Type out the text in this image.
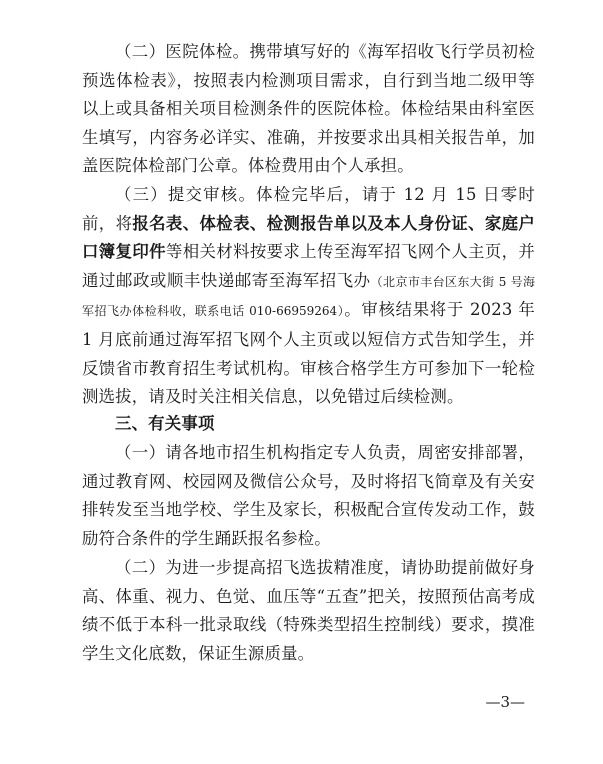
（二）医院体检。携带填写好的《海军招收飞行学员初检预选体检表》，按照表内检测项目需求，自行到当地二级甲等以上或具备相关项目检测条件的医院体检。体检结果由科室医生填写，内容务必详实、准确，并按要求出具相关报告单，加盖医院体检部门公章。体检费用由个人承担。

（三）提交审核。体检完毕后，请于 12 月 15 日零时前，将报名表、体检表、检测报告单以及本人身份证、家庭户口簿复印件等相关材料按要求上传至海军招飞网个人主页，并通过邮政或顺丰快递邮寄至海军招飞办（北京市丰台区东大街 5 号海军招飞办体检科收，联系电话 010-66959264）。审核结果将于 2023 年 1 月底前通过海军招飞网个人主页或以短信方式告知学生，并反馈省市教育招生考试机构。审核合格学生方可参加下一轮检测选拔，请及时关注相关信息，以免错过后续检测。

三、有关事项

（一）请各地市招生机构指定专人负责，周密安排部署，通过教育网、校园网及微信公众号，及时将招飞简章及有关安排转发至当地学校、学生及家长，积极配合宣传发动工作，鼓励符合条件的学生踊跃报名参检。

（二）为进一步提高招飞选拔精准度，请协助提前做好身高、体重、视力、色觉、血压等“五查”把关，按照预估高考成绩不低于本科一批录取线（特殊类型招生控制线）要求，摸准学生文化底数，保证生源质量。

—3—
